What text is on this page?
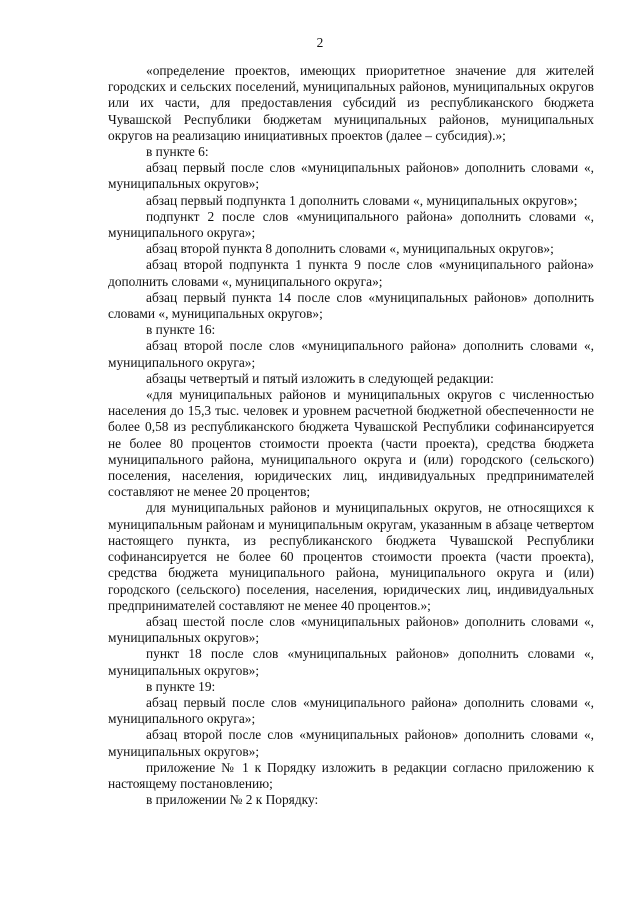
2

«определение проектов, имеющих приоритетное значение для жителей городских и сельских поселений, муниципальных районов, муниципальных округов или их части, для предоставления субсидий из республиканского бюджета Чувашской Республики бюджетам муниципальных районов, муниципальных округов на реализацию инициативных проектов (далее – субсидия).»;

в пункте 6:

абзац первый после слов «муниципальных районов» дополнить словами «, муниципальных округов»;

абзац первый подпункта 1 дополнить словами «, муниципальных округов»;

подпункт 2 после слов «муниципального района» дополнить словами «, муниципального округа»;

абзац второй пункта 8 дополнить словами «, муниципальных округов»;

абзац второй подпункта 1 пункта 9 после слов «муниципального района» дополнить словами «, муниципального округа»;

абзац первый пункта 14 после слов «муниципальных районов» дополнить словами «, муниципальных округов»;

в пункте 16:

абзац второй после слов «муниципального района» дополнить словами «, муниципального округа»;

абзацы четвертый и пятый изложить в следующей редакции:

«для муниципальных районов и муниципальных округов с численностью населения до 15,3 тыс. человек и уровнем расчетной бюджетной обеспеченности не более 0,58 из республиканского бюджета Чувашской Республики софинансируется не более 80 процентов стоимости проекта (части проекта), средства бюджета муниципального района, муниципального округа и (или) городского (сельского) поселения, населения, юридических лиц, индивидуальных предпринимателей составляют не менее 20 процентов;

для муниципальных районов и муниципальных округов, не относящихся к муниципальным районам и муниципальным округам, указанным в абзаце четвертом настоящего пункта, из республиканского бюджета Чувашской Республики софинансируется не более 60 процентов стоимости проекта (части проекта), средства бюджета муниципального района, муниципального округа и (или) городского (сельского) поселения, населения, юридических лиц, индивидуальных предпринимателей составляют не менее 40 процентов.»;

абзац шестой после слов «муниципальных районов» дополнить словами «, муниципальных округов»;

пункт 18 после слов «муниципальных районов» дополнить словами «, муниципальных округов»;

в пункте 19:

абзац первый после слов «муниципального района» дополнить словами «, муниципального округа»;

абзац второй после слов «муниципальных районов» дополнить словами «, муниципальных округов»;

приложение № 1 к Порядку изложить в редакции согласно приложению к настоящему постановлению;

в приложении № 2 к Порядку:
